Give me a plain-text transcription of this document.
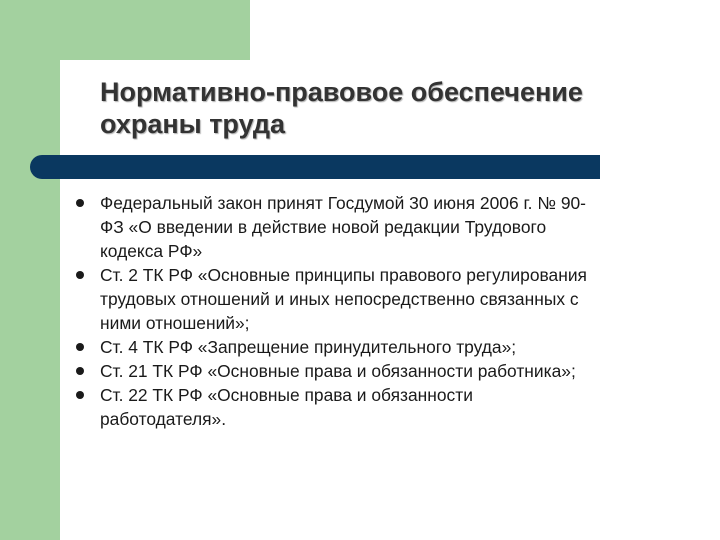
Нормативно-правовое обеспечение
охраны труда
Федеральный закон принят Госдумой 30 июня 2006 г. № 90-
ФЗ «О введении в действие новой редакции Трудового
кодекса РФ»
Ст. 2 ТК РФ «Основные принципы правового регулирования
трудовых отношений и иных непосредственно связанных с
ними отношений»;
Ст. 4 ТК РФ «Запрещение принудительного труда»;
Ст. 21 ТК РФ «Основные права и обязанности работника»;
Ст. 22 ТК РФ «Основные права и обязанности
работодателя».
